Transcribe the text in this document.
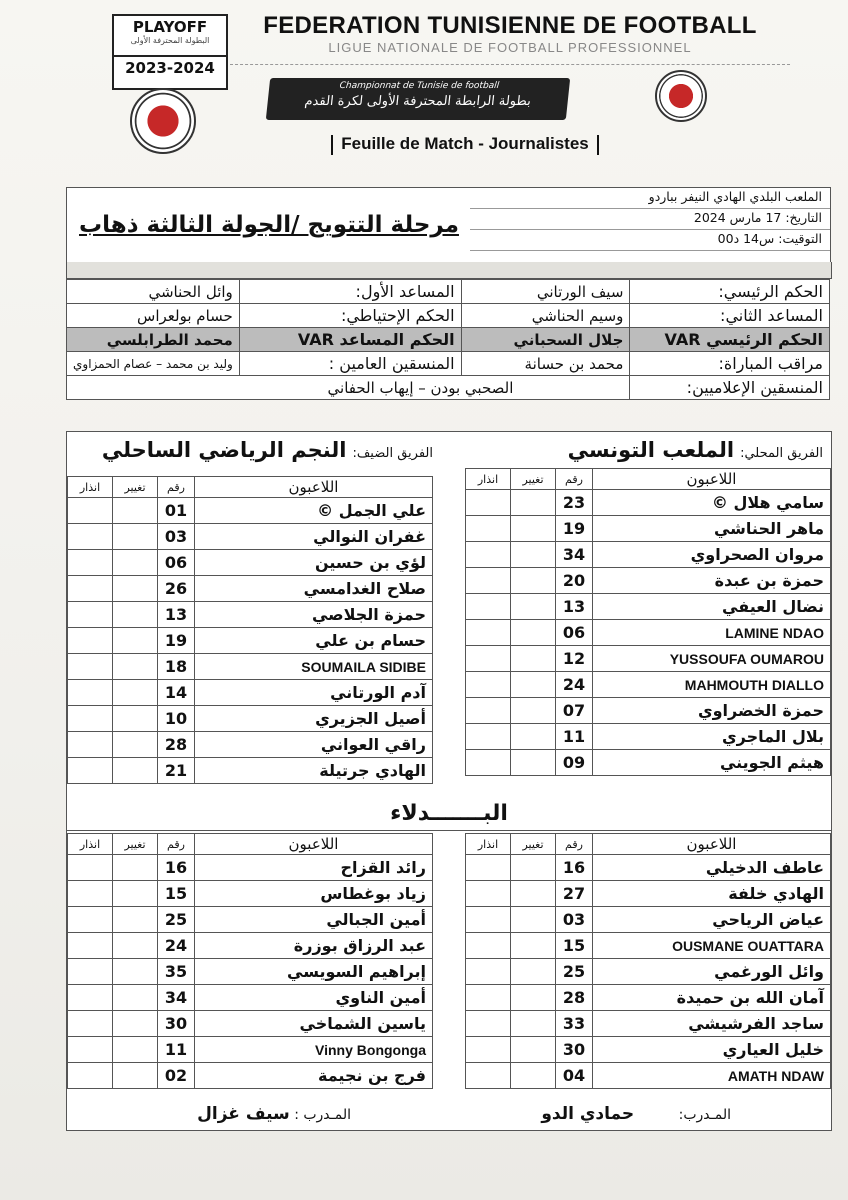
PLAYOFF
البطولة المحترفة الأولى
2023-2024
FEDERATION TUNISIENNE DE FOOTBALL
LIGUE NATIONALE DE FOOTBALL PROFESSIONNEL
Championnat de Tunisie de football
بطولة الرابطة المحترفة الأولى لكرة القدم
Feuille de Match - Journalistes
مرحلة التتويج /الجولة الثالثة ذهاب
الملعب البلدي الهادي النيفر بباردو
التاريخ: 17 مارس 2024
التوقيت: س14 د00
وائل الحناشي	المساعد الأول:	سيف الورتاني	الحكم الرئيسي:
حسام بولعراس	الحكم الإحتياطي:	وسيم الحناشي	المساعد الثاني:
محمد الطرابلسي	الحكم المساعد VAR	جلال السحباني	الحكم الرئيسي VAR
وليد بن محمد – عصام الحمزاوي	المنسقين العامين :	محمد بن حسانة	مراقب المباراة:
الصحبي بودن – إيهاب الحفاني			المنسقين الإعلاميين:
الفريق المحلي:الملعب التونسي
الفريق الضيف:النجم الرياضي الساحلي
اللاعبون	رقم	تغيير	انذار
سامي هلال ©	23		
ماهر الحناشي	19		
مروان الصحراوي	34		
حمزة بن عبدة	20		
نضال العيفي	13		
LAMINE NDAO	06		
YUSSOUFA OUMAROU	12		
MAHMOUTH DIALLO	24		
حمزة الخضراوي	07		
بلال الماجري	11		
هيثم الجويني	09		
اللاعبون	رقم	تغيير	انذار
علي الجمل ©	01		
غفران النوالي	03		
لؤي بن حسين	06		
صلاح الغدامسي	26		
حمزة الجلاصي	13		
حسام بن علي	19		
SOUMAILA SIDIBE	18		
آدم الورتاني	14		
أصيل الجزيري	10		
راقي العواني	28		
الهادي جرتيلة	21		
البـــــــدلاء
اللاعبون	رقم	تغيير	انذار
عاطف الدخيلي	16		
الهادي خلفة	27		
عياض الرياحي	03		
OUSMANE OUATTARA	15		
وائل الورغمي	25		
آمان الله بن حميدة	28		
ساجد الفرشيشي	33		
خليل العياري	30		
AMATH NDAW	04		
اللاعبون	رقم	تغيير	انذار
رائد القزاح	16		
زياد بوغطاس	15		
أمين الجبالي	25		
عبد الرزاق بوزرة	24		
إبراهيم السويسي	35		
أمين الناوي	34		
ياسين الشماخي	30		
Vinny Bongonga	11		
فرج بن نجيمة	02		
المـدرب: حمادي الدو
المـدرب : سيف غزال
